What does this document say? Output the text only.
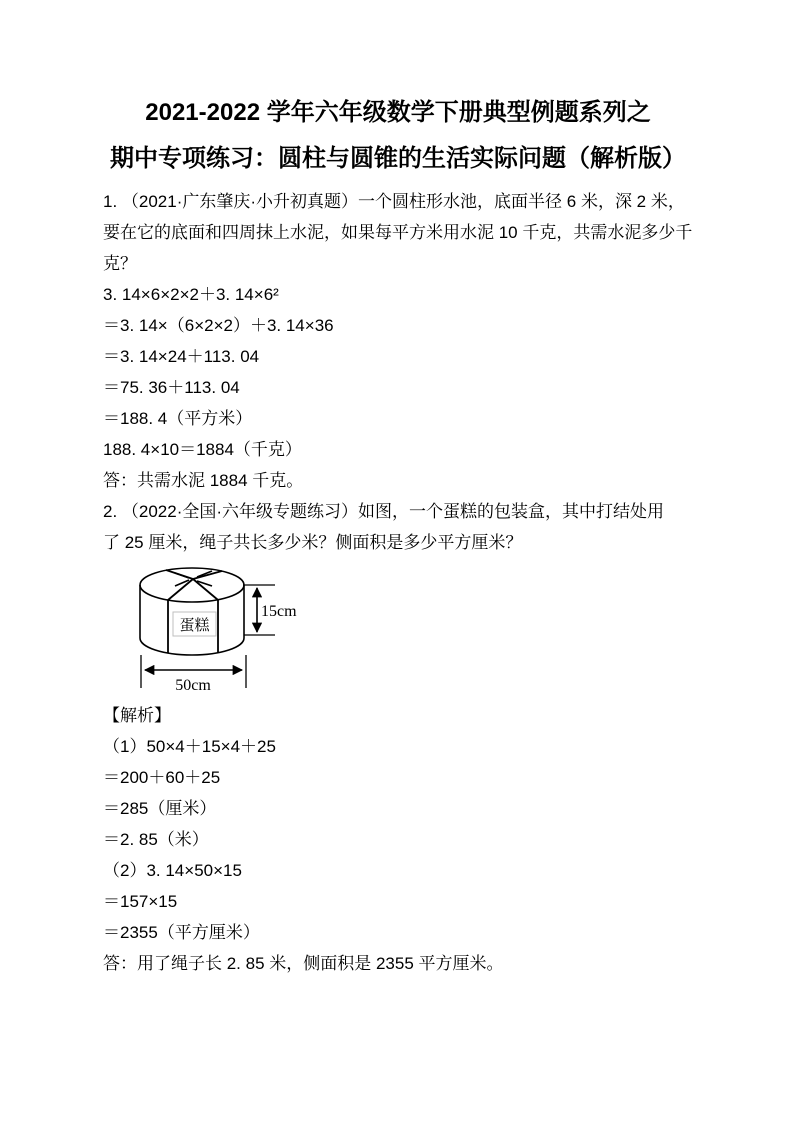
2021-2022 学年六年级数学下册典型例题系列之
期中专项练习：圆柱与圆锥的生活实际问题（解析版）
1. （2021·广东肇庆·小升初真题）一个圆柱形水池，底面半径 6 米，深 2 米，
要在它的底面和四周抹上水泥，如果每平方米用水泥 10 千克，共需水泥多少千
克？
3. 14×6×2×2＋3. 14×6²
＝3. 14×（6×2×2）＋3. 14×36
＝3. 14×24＋113. 04
＝75. 36＋113. 04
＝188. 4（平方米）
188. 4×10＝1884（千克）
答：共需水泥 1884 千克。
2. （2022·全国·六年级专题练习）如图，一个蛋糕的包装盒，其中打结处用
了 25 厘米，绳子共长多少米？侧面积是多少平方厘米？
蛋糕
15cm
50cm
【解析】
（1）50×4＋15×4＋25
＝200＋60＋25
＝285（厘米）
＝2. 85（米）
（2）3. 14×50×15
＝157×15
＝2355（平方厘米）
答：用了绳子长 2. 85 米，侧面积是 2355 平方厘米。
